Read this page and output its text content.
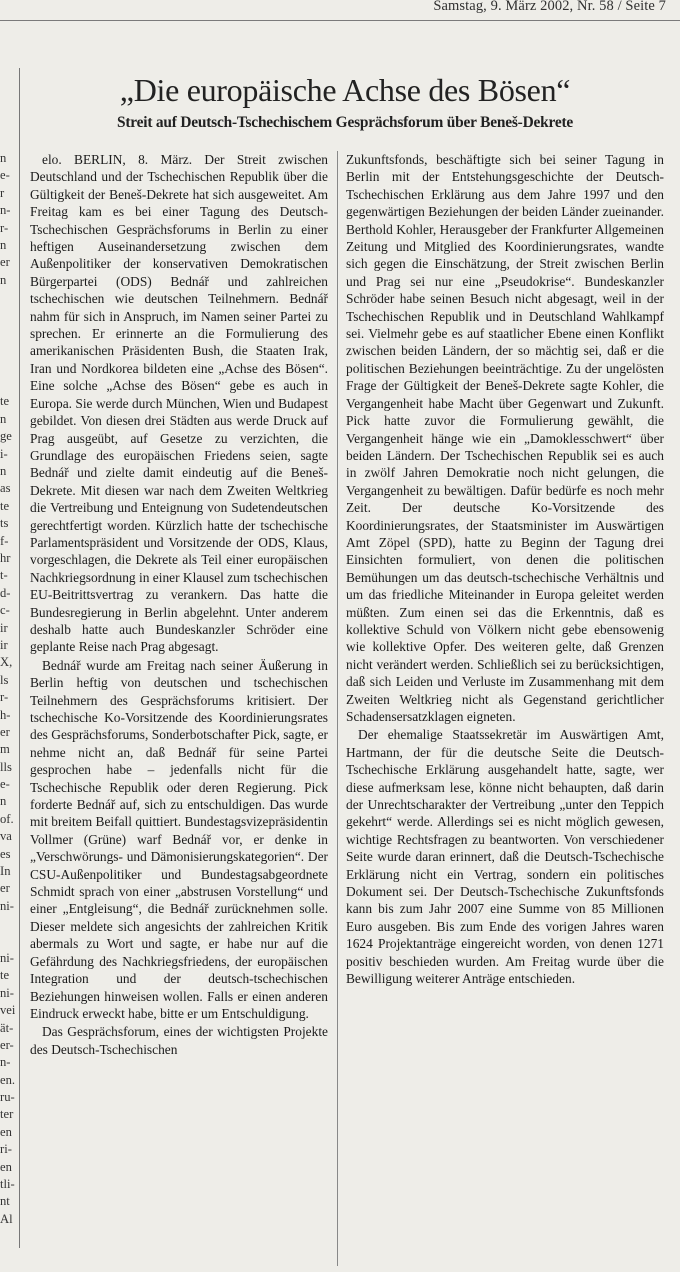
Samstag, 9. März 2002, Nr. 58 / Seite 7
n
e-
r
n-
r-
n
er
n
te
n
ge
i-
n
as
te
ts
f-
hr
t-
d-
c-
ir
ir
X,
ls
r-
h-
er
m
lls
e-
n
of.
va
es
In
er
ni-
ni-
te
ni-
vei
ät-
er-
n-
en.
ru-
ter
en
ri-
en
tli-
nt
Al
„Die europäische Achse des Bösen“
Streit auf Deutsch-Tschechischem Gesprächsforum über Beneš-Dekrete

elo. BERLIN, 8. März. Der Streit zwischen Deutschland und der Tschechischen Republik über die Gültigkeit der Beneš-Dekrete hat sich ausgeweitet. Am Freitag kam es bei einer Tagung des Deutsch-Tschechischen Gesprächsforums in Berlin zu einer heftigen Auseinandersetzung zwischen dem Außenpolitiker der konservativen Demokratischen Bürgerpartei (ODS) Bednář und zahlreichen tschechischen wie deutschen Teilnehmern. Bednář nahm für sich in Anspruch, im Namen seiner Partei zu sprechen. Er erinnerte an die Formulierung des amerikanischen Präsidenten Bush, die Staaten Irak, Iran und Nordkorea bildeten eine „Achse des Bösen“. Eine solche „Achse des Bösen“ gebe es auch in Europa. Sie werde durch München, Wien und Budapest gebildet. Von diesen drei Städten aus werde Druck auf Prag ausgeübt, auf Gesetze zu verzichten, die Grundlage des europäischen Friedens seien, sagte Bednář und zielte damit eindeutig auf die Beneš-Dekrete. Mit diesen war nach dem Zweiten Weltkrieg die Vertreibung und Enteignung von Sudetendeutschen gerechtfertigt worden. Kürzlich hatte der tschechische Parlamentspräsident und Vorsitzende der ODS, Klaus, vorgeschlagen, die Dekrete als Teil einer europäischen Nachkriegsordnung in einer Klausel zum tschechischen EU-Beitrittsvertrag zu verankern. Das hatte die Bundesregierung in Berlin abgelehnt. Unter anderem deshalb hatte auch Bundeskanzler Schröder eine geplante Reise nach Prag abgesagt.

Bednář wurde am Freitag nach seiner Äußerung in Berlin heftig von deutschen und tschechischen Teilnehmern des Gesprächsforums kritisiert. Der tschechische Ko-Vorsitzende des Koordinierungsrates des Gesprächsforums, Sonderbotschafter Pick, sagte, er nehme nicht an, daß Bednář für seine Partei gesprochen habe – jedenfalls nicht für die Tschechische Republik oder deren Regierung. Pick forderte Bednář auf, sich zu entschuldigen. Das wurde mit breitem Beifall quittiert. Bundestagsvizepräsidentin Vollmer (Grüne) warf Bednář vor, er denke in „Verschwörungs- und Dämonisierungskategorien“. Der CSU-Außenpolitiker und Bundestagsabgeordnete Schmidt sprach von einer „abstrusen Vorstellung“ und einer „Entgleisung“, die Bednář zurücknehmen solle. Dieser meldete sich angesichts der zahlreichen Kritik abermals zu Wort und sagte, er habe nur auf die Gefährdung des Nachkriegsfriedens, der europäischen Integration und der deutsch-tschechischen Beziehungen hinweisen wollen. Falls er einen anderen Eindruck erweckt habe, bitte er um Entschuldigung.

Das Gesprächsforum, eines der wichtigsten Projekte des Deutsch-Tschechischen

Zukunftsfonds, beschäftigte sich bei seiner Tagung in Berlin mit der Entstehungsgeschichte der Deutsch-Tschechischen Erklärung aus dem Jahre 1997 und den gegenwärtigen Beziehungen der beiden Länder zueinander. Berthold Kohler, Herausgeber der Frankfurter Allgemeinen Zeitung und Mitglied des Koordinierungsrates, wandte sich gegen die Einschätzung, der Streit zwischen Berlin und Prag sei nur eine „Pseudokrise“. Bundeskanzler Schröder habe seinen Besuch nicht abgesagt, weil in der Tschechischen Republik und in Deutschland Wahlkampf sei. Vielmehr gebe es auf staatlicher Ebene einen Konflikt zwischen beiden Ländern, der so mächtig sei, daß er die politischen Beziehungen beeinträchtige. Zu der ungelösten Frage der Gültigkeit der Beneš-Dekrete sagte Kohler, die Vergangenheit habe Macht über Gegenwart und Zukunft. Pick hatte zuvor die Formulierung gewählt, die Vergangenheit hänge wie ein „Damoklesschwert“ über beiden Ländern. Der Tschechischen Republik sei es auch in zwölf Jahren Demokratie noch nicht gelungen, die Vergangenheit zu bewältigen. Dafür bedürfe es noch mehr Zeit. Der deutsche Ko-Vorsitzende des Koordinierungsrates, der Staatsminister im Auswärtigen Amt Zöpel (SPD), hatte zu Beginn der Tagung drei Einsichten formuliert, von denen die politischen Bemühungen um das deutsch-tschechische Verhältnis und um das friedliche Miteinander in Europa geleitet werden müßten. Zum einen sei das die Erkenntnis, daß es kollektive Schuld von Völkern nicht gebe ebensowenig wie kollektive Opfer. Des weiteren gelte, daß Grenzen nicht verändert werden. Schließlich sei zu berücksichtigen, daß sich Leiden und Verluste im Zusammenhang mit dem Zweiten Weltkrieg nicht als Gegenstand gerichtlicher Schadensersatzklagen eigneten.

Der ehemalige Staatssekretär im Auswärtigen Amt, Hartmann, der für die deutsche Seite die Deutsch-Tschechische Erklärung ausgehandelt hatte, sagte, wer diese aufmerksam lese, könne nicht behaupten, daß darin der Unrechtscharakter der Vertreibung „unter den Teppich gekehrt“ werde. Allerdings sei es nicht möglich gewesen, wichtige Rechtsfragen zu beantworten. Von verschiedener Seite wurde daran erinnert, daß die Deutsch-Tschechische Erklärung nicht ein Vertrag, sondern ein politisches Dokument sei. Der Deutsch-Tschechische Zukunftsfonds kann bis zum Jahr 2007 eine Summe von 85 Millionen Euro ausgeben. Bis zum Ende des vorigen Jahres waren 1624 Projektanträge eingereicht worden, von denen 1271 positiv beschieden wurden. Am Freitag wurde über die Bewilligung weiterer Anträge entschieden.
